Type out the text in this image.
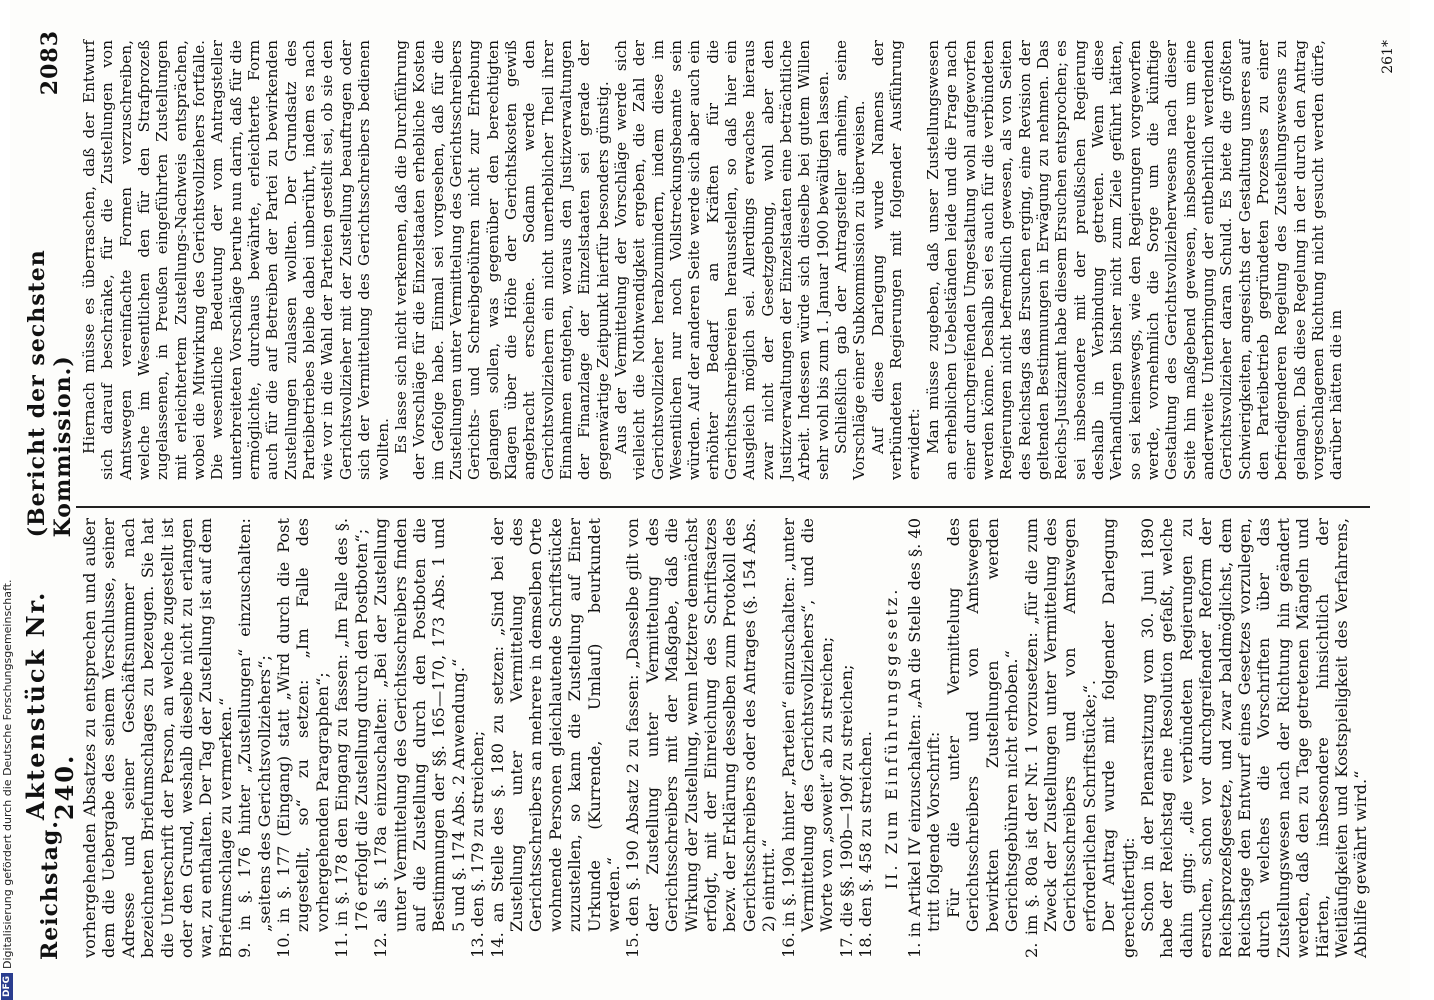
Reichstag.
Aktenstück Nr. 240.
(Bericht der sechsten Kommission.)
2083

vorhergehenden Absatzes zu entsprechen und außer dem die Uebergabe des seinem Verschlusse, seiner Adresse und seiner Geschäftsnummer nach bezeichneten Briefumschlages zu bezeugen. Sie hat die Unterschrift der Person, an welche zugestellt ist oder den Grund, weshalb dieselbe nicht zu erlangen war, zu enthalten. Der Tag der Zustellung ist auf dem Briefumschlage zu vermerken.“ 9. in §. 176 hinter „Zustellungen“ einzuschalten: „seitens des Gerichtsvollziehers“; 10. in §. 177 (Eingang) statt „Wird durch die Post zugestellt, so“ zu setzen: „Im Falle des vorhergehenden Paragraphen“; 11. in §. 178 den Eingang zu fassen: „Im Falle des §. 176 erfolgt die Zustellung durch den Postboten“; 12. als §. 178a einzuschalten: „Bei der Zustellung unter Vermittelung des Gerichtsschreibers finden auf die Zustellung durch den Postboten die Bestimmungen der §§. 165—170, 173 Abs. 1 und 5 und §. 174 Abs. 2 Anwendung.“ 13. den §. 179 zu streichen; 14. an Stelle des §. 180 zu setzen: „Sind bei der Zustellung unter Vermittelung des Gerichtsschreibers an mehrere in demselben Orte wohnende Personen gleichlautende Schriftstücke zuzustellen, so kann die Zustellung auf Einer Urkunde (Kurrende, Umlauf) beurkundet werden.“ 15. den §. 190 Absatz 2 zu fassen: „Dasselbe gilt von der Zustellung unter Vermittelung des Gerichtsschreibers mit der Maßgabe, daß die Wirkung der Zustellung, wenn letztere demnächst erfolgt, mit der Einreichung des Schriftsatzes bezw. der Erklärung desselben zum Protokoll des Gerichtsschreibers oder des Antrages (§. 154 Abs. 2) eintritt.“ 16. in §. 190a hinter „Parteien“ einzuschalten: „unter Vermittelung des Gerichtsvollziehers“, und die Worte von „soweit“ ab zu streichen; 17. die §§. 190b—190f zu streichen; 18. den §. 458 zu streichen. II. Zum Einführungsgesetz. 1. in Artikel IV einzuschalten: „An die Stelle des §. 40 tritt folgende Vorschrift: Für die unter Vermittelung des Gerichtsschreibers und von Amtswegen bewirkten Zustellungen werden Gerichtsgebühren nicht erhoben.“ 2. im §. 80a ist der Nr. 1 vorzusetzen: „für die zum Zweck der Zustellungen unter Vermittelung des Gerichtsschreibers und von Amtswegen erforderlichen Schriftstücke;“. Der Antrag wurde mit folgender Darlegung gerechtfertigt: Schon in der Plenarsitzung vom 30. Juni 1890 habe der Reichstag eine Resolution gefaßt, welche dahin ging: „die verbündeten Regierungen zu ersuchen, schon vor durchgreifender Reform der Reichsprozeßgesetze, und zwar baldmöglichst, dem Reichstage den Entwurf eines Gesetzes vorzulegen, durch welches die Vorschriften über das Zustellungswesen nach der Richtung hin geändert werden, daß den zu Tage getretenen Mängeln und Härten, insbesondere hinsichtlich der Weitläufigkeiten und Kostspieligkeit des Verfahrens, Abhilfe gewährt wird.“

Hiernach müsse es überraschen, daß der Entwurf sich darauf beschränke, für die Zustellungen von Amtswegen vereinfachte Formen vorzuschreiben, welche im Wesentlichen den für den Strafprozeß zugelassenen, in Preußen eingeführten Zustellungen mit erleichtertem Zustellungs-Nachweis entsprächen, wobei die Mitwirkung des Gerichtsvollziehers fortfalle. Die wesentliche Bedeutung der vom Antragsteller unterbreiteten Vorschläge beruhe nun darin, daß für die ermöglichte, durchaus bewährte, erleichterte Form auch für die auf Betreiben der Partei zu bewirkenden Zustellungen zulassen wollten. Der Grundsatz des Parteibetriebes bleibe dabei unberührt, indem es nach wie vor in die Wahl der Parteien gestellt sei, ob sie den Gerichtsvollzieher mit der Zustellung beauftragen oder sich der Vermittelung des Gerichtsschreibers bedienen wollten. Es lasse sich nicht verkennen, daß die Durchführung der Vorschläge für die Einzelstaaten erhebliche Kosten im Gefolge habe. Einmal sei vorgesehen, daß für die Zustellungen unter Vermittelung des Gerichtsschreibers Gerichts- und Schreibgebühren nicht zur Erhebung gelangen sollen, was gegenüber den berechtigten Klagen über die Höhe der Gerichtskosten gewiß angebracht erscheine. Sodann werde den Gerichtsvollziehern ein nicht unerheblicher Theil ihrer Einnahmen entgehen, woraus den Justizverwaltungen der Finanzlage der Einzelstaaten sei gerade der gegenwärtige Zeitpunkt hierfür besonders günstig. Aus der Vermittelung der Vorschläge werde sich vielleicht die Nothwendigkeit ergeben, die Zahl der Gerichtsvollzieher herabzumindern, indem diese im Wesentlichen nur noch Vollstreckungsbeamte sein würden. Auf der anderen Seite werde sich aber auch ein erhöhter Bedarf an Kräften für die Gerichtsschreibereien herausstellen, so daß hier ein Ausgleich möglich sei. Allerdings erwachse hieraus zwar nicht der Gesetzgebung, wohl aber den Justizverwaltungen der Einzelstaaten eine beträchtliche Arbeit. Indessen würde sich dieselbe bei gutem Willen sehr wohl bis zum 1. Januar 1900 bewältigen lassen. Schließlich gab der Antragsteller anheim, seine Vorschläge einer Subkommission zu überweisen. Auf diese Darlegung wurde Namens der verbündeten Regierungen mit folgender Ausführung erwidert: Man müsse zugeben, daß unser Zustellungswesen an erheblichen Uebelständen leide und die Frage nach einer durchgreifenden Umgestaltung wohl aufgeworfen werden könne. Deshalb sei es auch für die verbündeten Regierungen nicht befremdlich gewesen, als von Seiten des Reichstags das Ersuchen erging, eine Revision der geltenden Bestimmungen in Erwägung zu nehmen. Das Reichs-Justizamt habe diesem Ersuchen entsprochen; es sei insbesondere mit der preußischen Regierung deshalb in Verbindung getreten. Wenn diese Verhandlungen bisher nicht zum Ziele geführt hätten, so sei keineswegs, wie den Regierungen vorgeworfen werde, vornehmlich die Sorge um die künftige Gestaltung des Gerichtsvollzieherwesens nach dieser Seite hin maßgebend gewesen, insbesondere um eine anderweite Unterbringung der entbehrlich werdenden Gerichtsvollzieher daran Schuld. Es biete die größten Schwierigkeiten, angesichts der Gestaltung unseres auf den Parteibetrieb gegründeten Prozesses zu einer befriedigenderen Regelung des Zustellungswesens zu gelangen. Daß diese Regelung in der durch den Antrag vorgeschlagenen Richtung nicht gesucht werden dürfe, darüber hätten die im

261*
DFG
Digitalisierung gefördert durch die Deutsche Forschungsgemeinschaft.
